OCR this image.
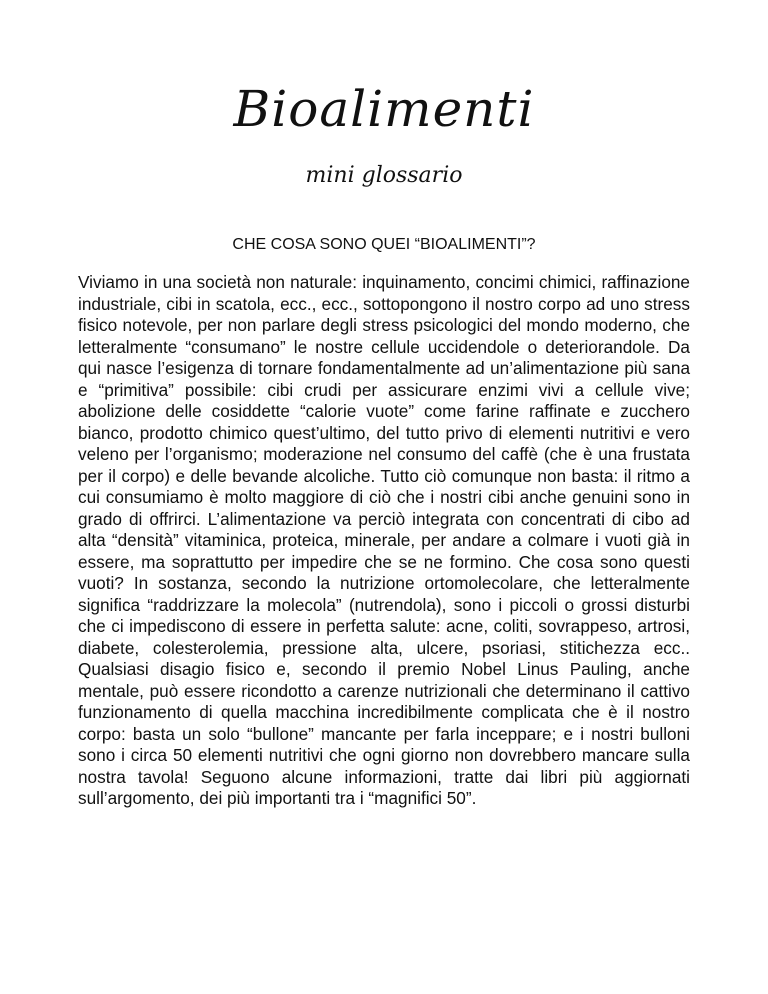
Bioalimenti
mini glossario
CHE COSA SONO QUEI “BIOALIMENTI”?

Viviamo in una società non naturale: inquinamento, concimi chimici, raffinazione industriale, cibi in scatola, ecc., ecc., sottopongono il nostro corpo ad uno stress fisico notevole, per non parlare degli stress psicologici del mondo moderno, che letteralmente “consumano” le nostre cellule uccidendole o deteriorandole. Da qui nasce l’esigenza di tornare fondamentalmente ad un’alimentazione più sana e “primitiva” possibile: cibi crudi per assicurare enzimi vivi a cellule vive; abolizione delle cosiddette “calorie vuote” come farine raffinate e zucchero bianco, prodotto chimico quest’ultimo, del tutto privo di elementi nutritivi e vero veleno per l’organismo; moderazione nel consumo del caffè (che è una frustata per il corpo) e delle bevande alcoliche. Tutto ciò comunque non basta: il ritmo a cui consumiamo è molto maggiore di ciò che i nostri cibi anche genuini sono in grado di offrirci. L’alimentazione va perciò integrata con concentrati di cibo ad alta “densità” vitaminica, proteica, minerale, per andare a colmare i vuoti già in essere, ma soprattutto per impedire che se ne formino. Che cosa sono questi vuoti? In sostanza, secondo la nutrizione ortomolecolare, che letteralmente significa “raddrizzare la molecola” (nutrendola), sono i piccoli o grossi disturbi che ci impediscono di essere in perfetta salute: acne, coliti, sovrappeso, artrosi, diabete, colesterolemia, pressione alta, ulcere, psoriasi, stitichezza ecc.. Qualsiasi disagio fisico e, secondo il premio Nobel Linus Pauling, anche mentale, può essere ricondotto a carenze nutrizionali che determinano il cattivo funzionamento di quella macchina incredibilmente complicata che è il nostro corpo: basta un solo “bullone” mancante per farla inceppare; e i nostri bulloni sono i circa 50 elementi nutritivi che ogni giorno non dovrebbero mancare sulla nostra tavola! Seguono alcune informazioni, tratte dai libri più aggiornati sull’argomento, dei più importanti tra i “magnifici 50”.
